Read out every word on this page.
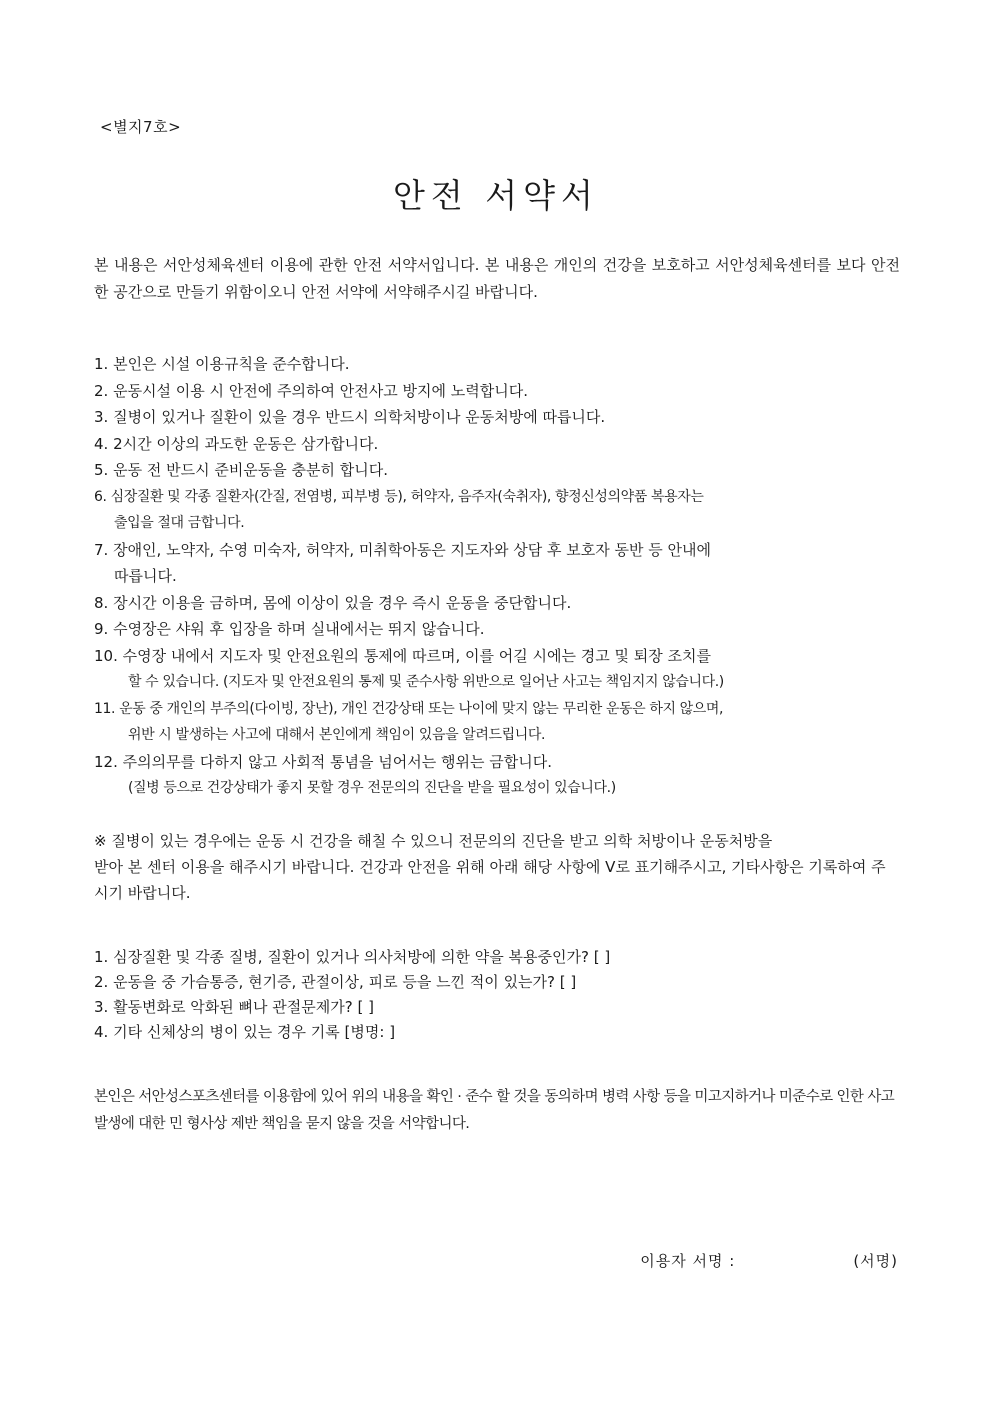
<별지7호>
안전 서약서

본 내용은 서안성체육센터 이용에 관한 안전 서약서입니다. 본 내용은 개인의 건강을 보호하고 서안성체육센터를 보다 안전한 공간으로 만들기 위함이오니 안전 서약에 서약해주시길 바랍니다.

1. 본인은 시설 이용규칙을 준수합니다.
2. 운동시설 이용 시 안전에 주의하여 안전사고 방지에 노력합니다.
3. 질병이 있거나 질환이 있을 경우 반드시 의학처방이나 운동처방에 따릅니다.
4. 2시간 이상의 과도한 운동은 삼가합니다.
5. 운동 전 반드시 준비운동을 충분히 합니다.
6. 심장질환 및 각종 질환자(간질, 전염병, 피부병 등), 허약자, 음주자(숙취자), 향정신성의약품 복용자는
출입을 절대 금합니다.
7. 장애인, 노약자, 수영 미숙자, 허약자, 미취학아동은 지도자와 상담 후 보호자 동반 등 안내에
따릅니다.
8. 장시간 이용을 금하며, 몸에 이상이 있을 경우 즉시 운동을 중단합니다.
9. 수영장은 샤워 후 입장을 하며 실내에서는 뛰지 않습니다.
10. 수영장 내에서 지도자 및 안전요원의 통제에 따르며, 이를 어길 시에는 경고 및 퇴장 조치를
할 수 있습니다. (지도자 및 안전요원의 통제 및 준수사항 위반으로 일어난 사고는 책임지지 않습니다.)
11. 운동 중 개인의 부주의(다이빙, 장난), 개인 건강상태 또는 나이에 맞지 않는 무리한 운동은 하지 않으며,
위반 시 발생하는 사고에 대해서 본인에게 책임이 있음을 알려드립니다.
12. 주의의무를 다하지 않고 사회적 통념을 넘어서는 행위는 금합니다.
(질병 등으로 건강상태가 좋지 못할 경우 전문의의 진단을 받을 필요성이 있습니다.)
※ 질병이 있는 경우에는 운동 시 건강을 해칠 수 있으니 전문의의 진단을 받고 의학 처방이나 운동처방을
받아 본 센터 이용을 해주시기 바랍니다. 건강과 안전을 위해 아래 해당 사항에 V로 표기해주시고, 기타사항은 기록하여 주시기 바랍니다.
1. 심장질환 및 각종 질병, 질환이 있거나 의사처방에 의한 약을 복용중인가? [ ]
2. 운동을 중 가슴통증, 현기증, 관절이상, 피로 등을 느낀 적이 있는가? [ ]
3. 활동변화로 악화된 뼈나 관절문제가? [ ]
4. 기타 신체상의 병이 있는 경우 기록 [병명: ]

본인은 서안성스포츠센터를 이용함에 있어 위의 내용을 확인 · 준수 할 것을 동의하며 병력 사항 등을 미고지하거나 미준수로 인한 사고발생에 대한 민 형사상 제반 책임을 묻지 않을 것을 서약합니다.

이용자 서명 :	(서명)
